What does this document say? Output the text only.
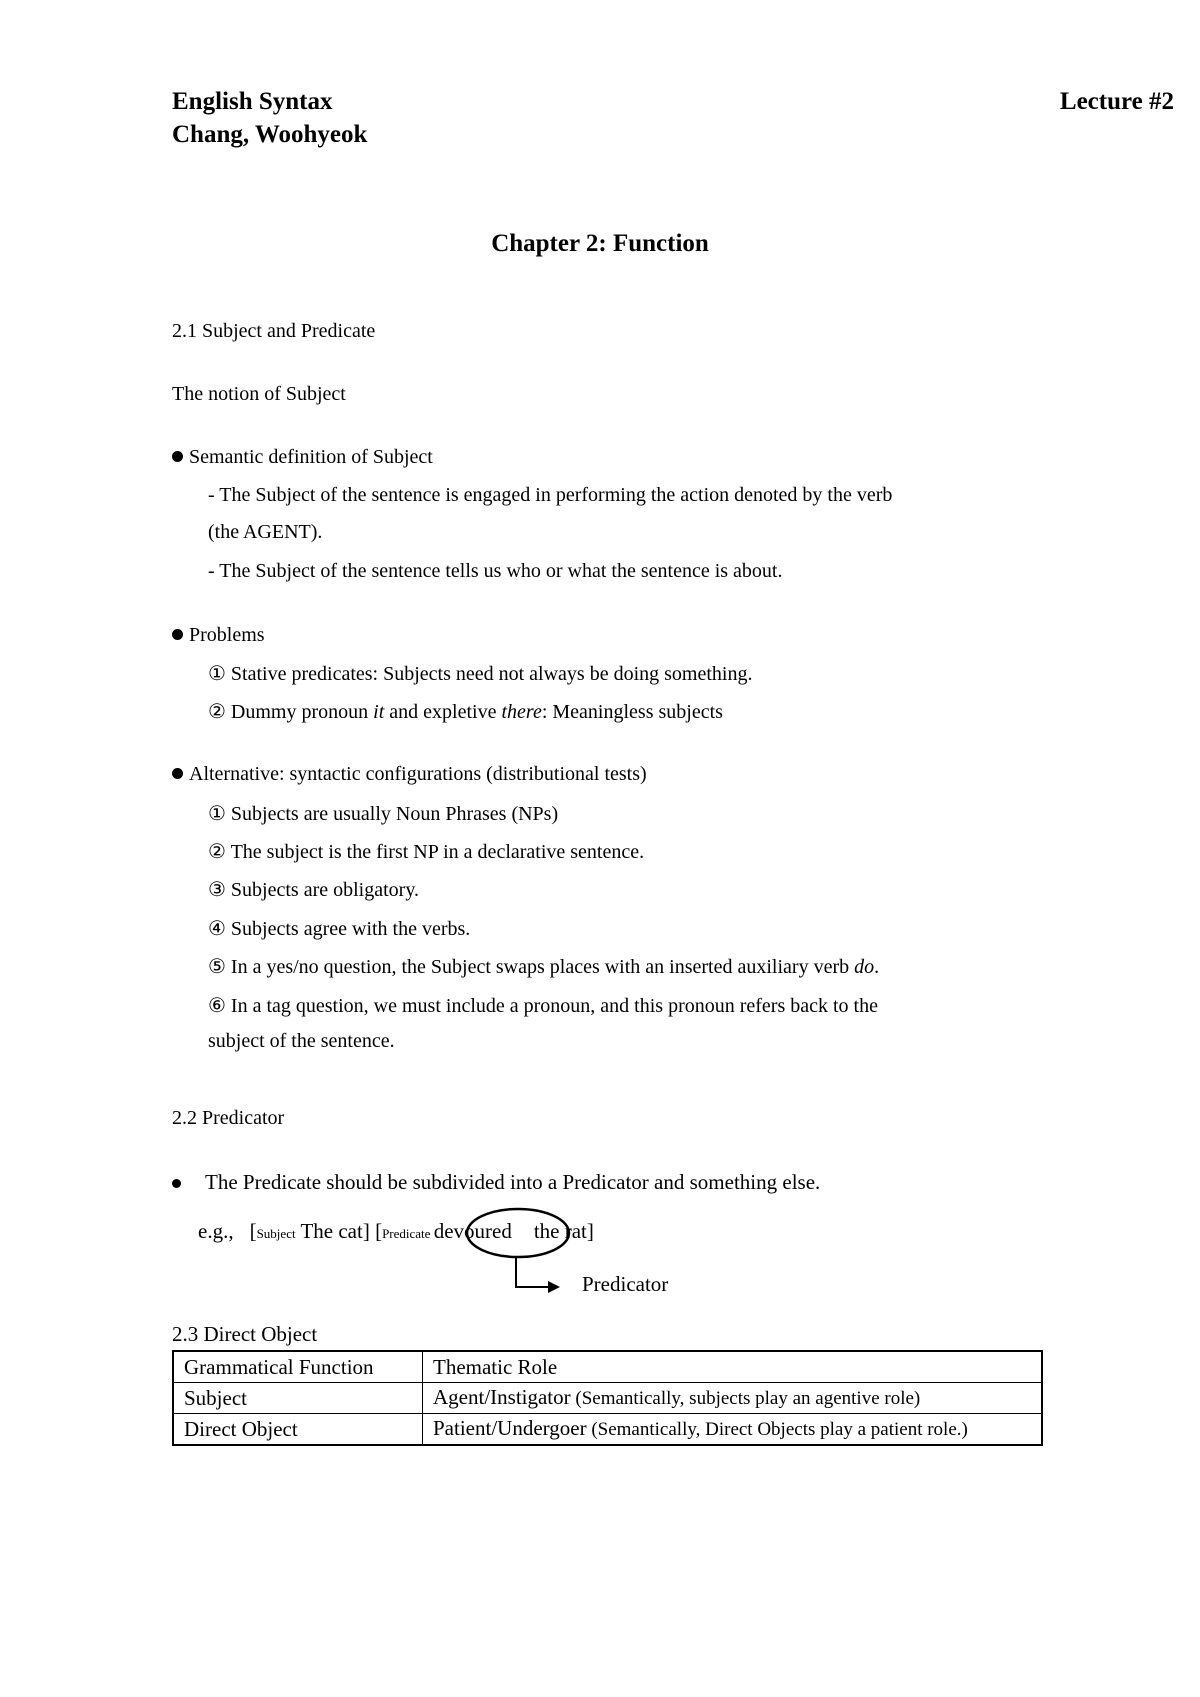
English Syntax
Chang, Woohyeok
Lecture #2
Chapter 2: Function
2.1 Subject and Predicate
The notion of Subject
Semantic definition of Subject
- The Subject of the sentence is engaged in performing the action denoted by the verb
(the AGENT).
- The Subject of the sentence tells us who or what the sentence is about.
Problems
① Stative predicates: Subjects need not always be doing something.
② Dummy pronoun it and expletive there: Meaningless subjects
Alternative: syntactic configurations (distributional tests)
① Subjects are usually Noun Phrases (NPs)
② The subject is the first NP in a declarative sentence.
③ Subjects are obligatory.
④ Subjects agree with the verbs.
⑤ In a yes/no question, the Subject swaps places with an inserted auxiliary verb do.
⑥ In a tag question, we must include a pronoun, and this pronoun refers back to the
subject of the sentence.
2.2 Predicator
The Predicate should be subdivided into a Predicator and something else.
e.g., [Subject The cat] [Predicate devoured the rat]
Predicator
2.3 Direct Object
Grammatical Function	Thematic Role
Subject	Agent/Instigator (Semantically, subjects play an agentive role)
Direct Object	Patient/Undergoer (Semantically, Direct Objects play a patient role.)
